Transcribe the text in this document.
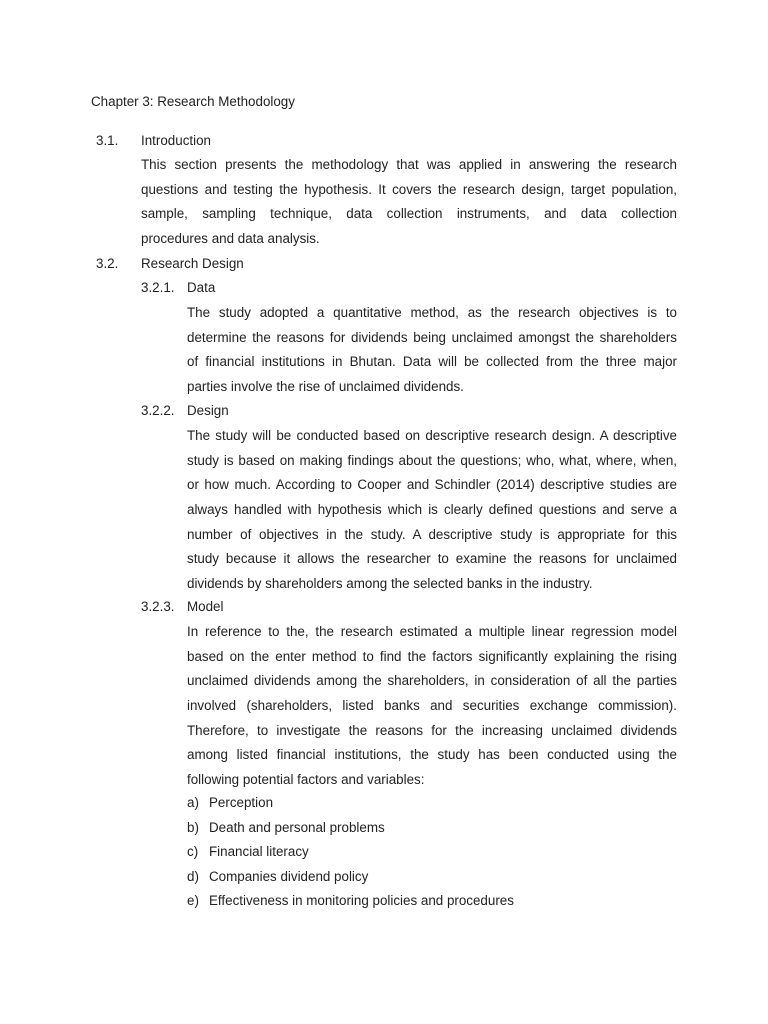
Chapter 3: Research Methodology
3.1. Introduction
This section presents the methodology that was applied in answering the research
questions and testing the hypothesis. It covers the research design, target population,
sample, sampling technique, data collection instruments, and data collection
procedures and data analysis.
3.2. Research Design
3.2.1. Data
The study adopted a quantitative method, as the research objectives is to
determine the reasons for dividends being unclaimed amongst the shareholders
of financial institutions in Bhutan. Data will be collected from the three major
parties involve the rise of unclaimed dividends.
3.2.2. Design
The study will be conducted based on descriptive research design. A descriptive
study is based on making findings about the questions; who, what, where, when,
or how much. According to Cooper and Schindler (2014) descriptive studies are
always handled with hypothesis which is clearly defined questions and serve a
number of objectives in the study. A descriptive study is appropriate for this
study because it allows the researcher to examine the reasons for unclaimed
dividends by shareholders among the selected banks in the industry.
3.2.3. Model
In reference to the, the research estimated a multiple linear regression model
based on the enter method to find the factors significantly explaining the rising
unclaimed dividends among the shareholders, in consideration of all the parties
involved (shareholders, listed banks and securities exchange commission).
Therefore, to investigate the reasons for the increasing unclaimed dividends
among listed financial institutions, the study has been conducted using the
following potential factors and variables:
a) Perception
b) Death and personal problems
c) Financial literacy
d) Companies dividend policy
e) Effectiveness in monitoring policies and procedures
